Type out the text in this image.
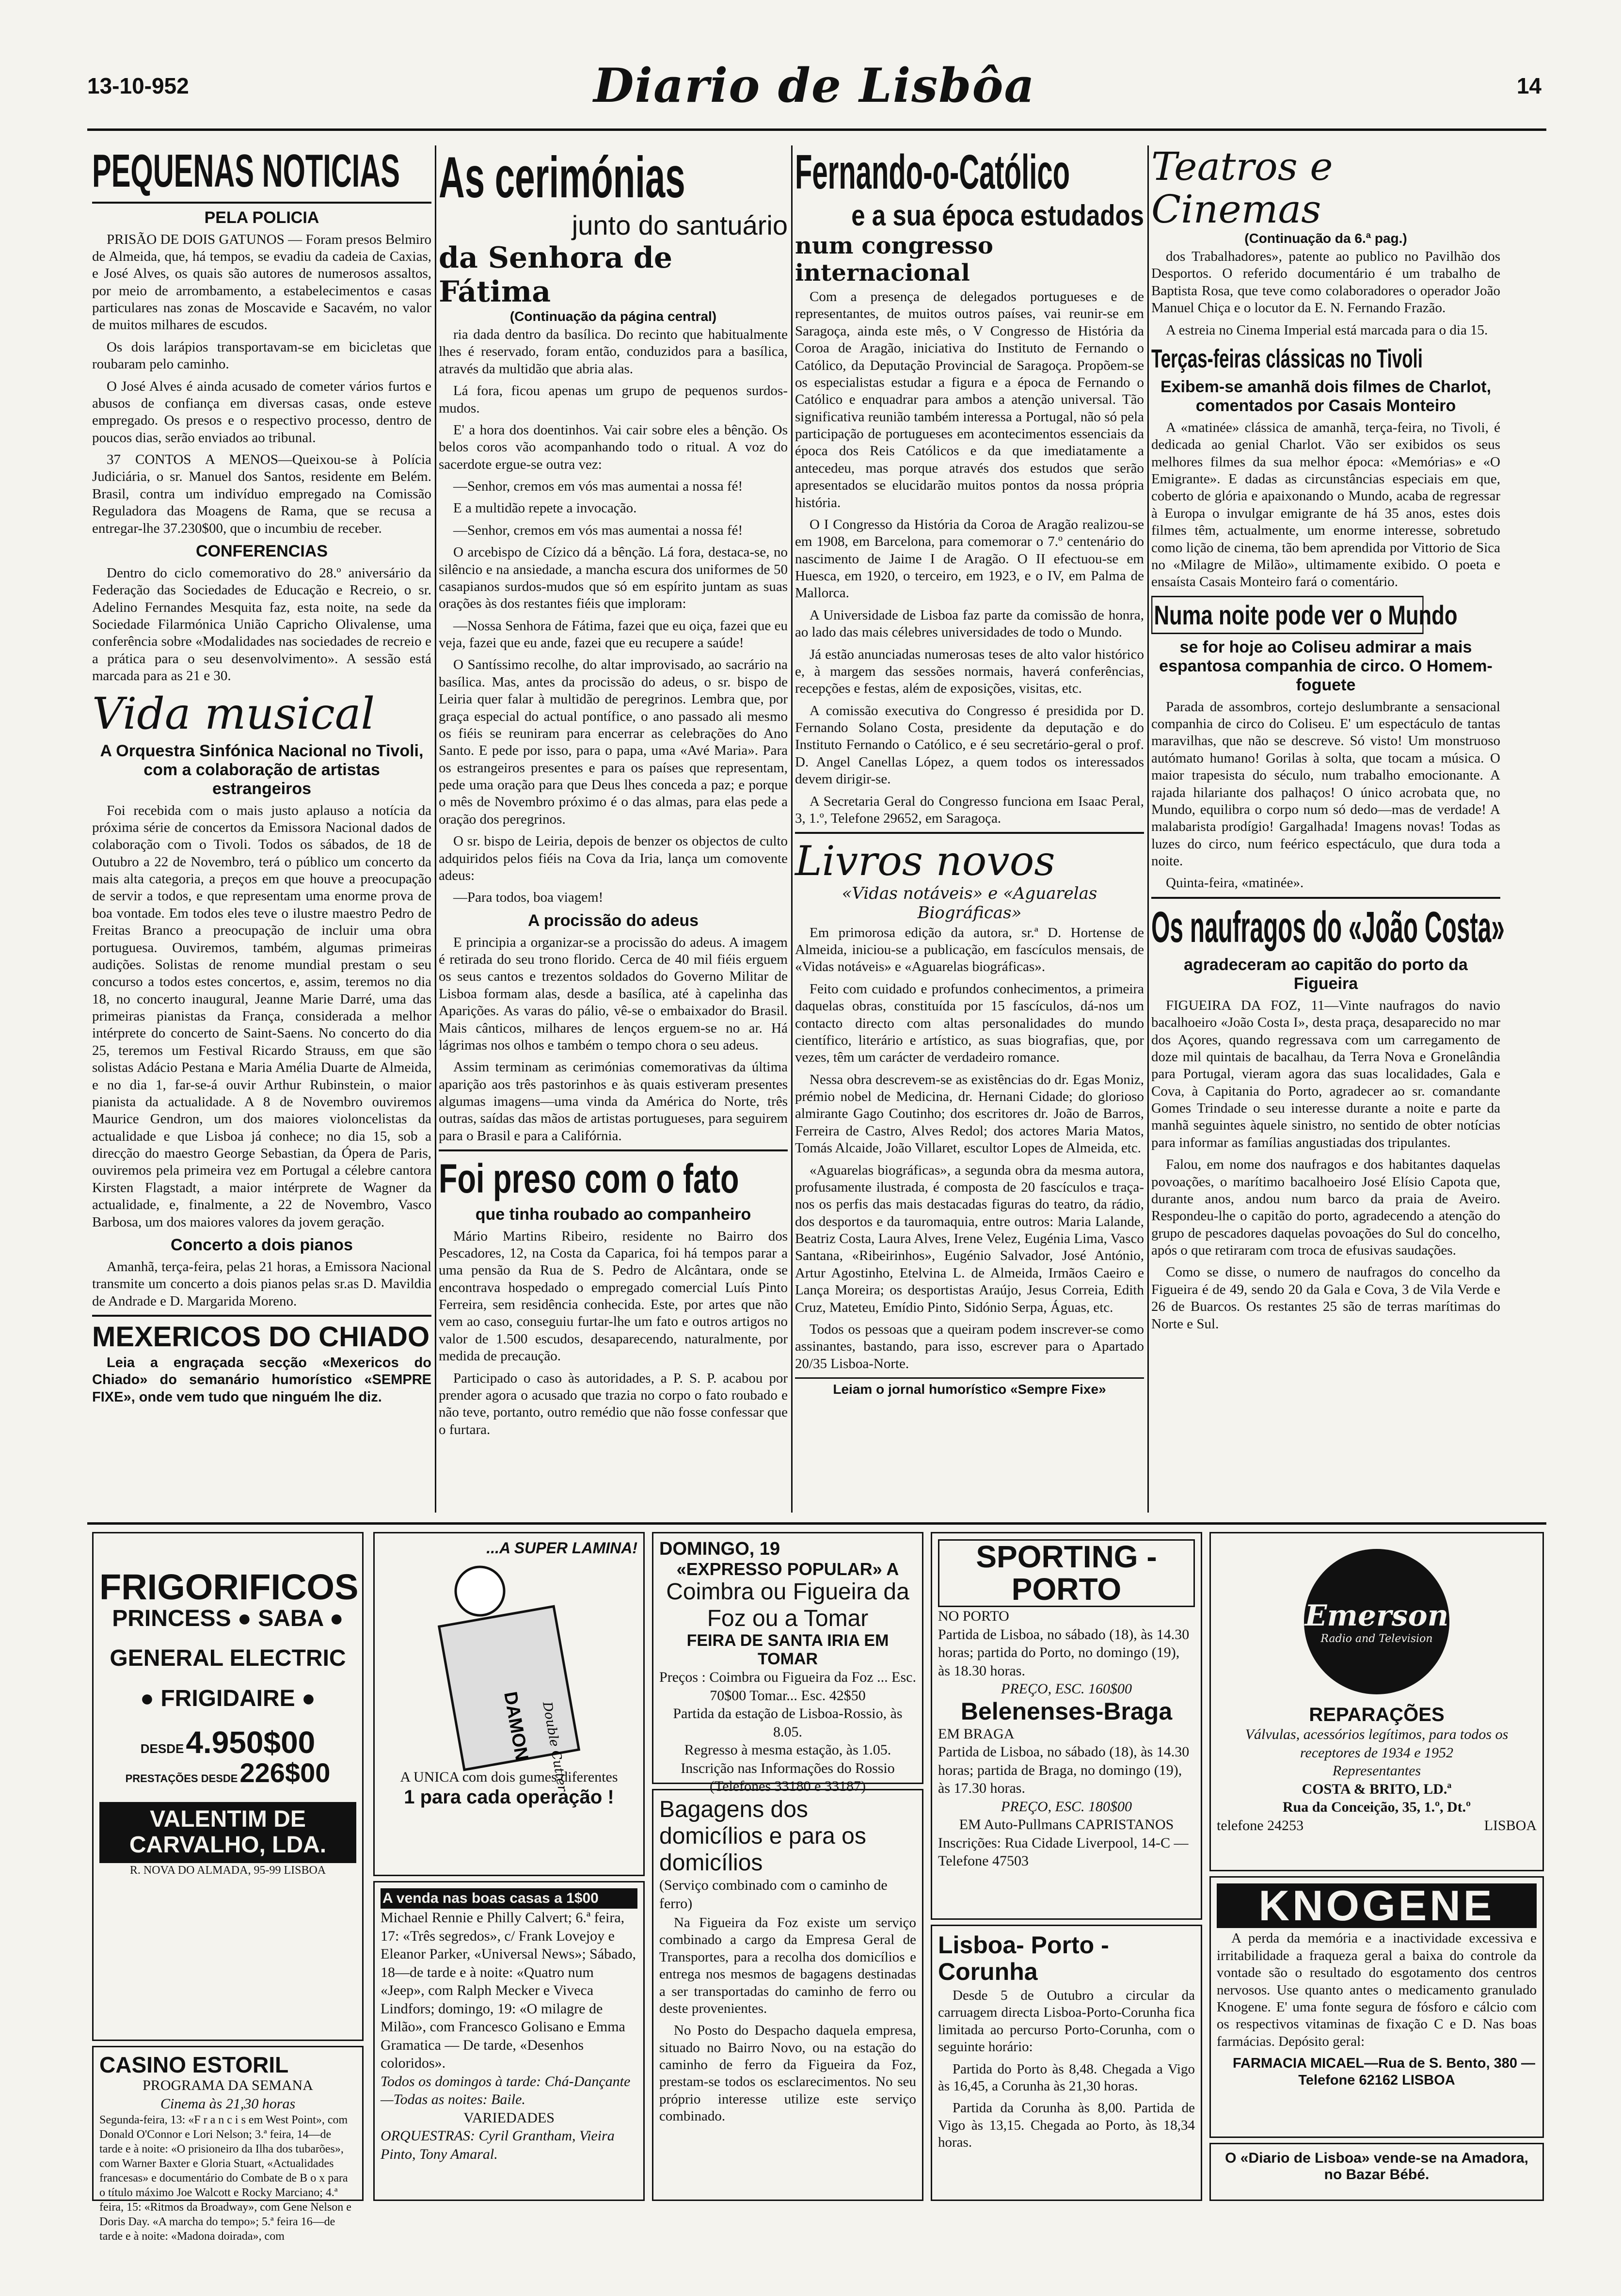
13-10-952	Diario de Lisbôa	14
PEQUENAS NOTICIAS
PELA POLICIA

PRISÃO DE DOIS GATUNOS — Foram presos Belmiro de Almeida, que, há tempos, se evadiu da cadeia de Caxias, e José Alves, os quais são autores de numerosos assaltos, por meio de arrombamento, a estabelecimentos e casas particulares nas zonas de Moscavide e Sacavém, no valor de muitos milhares de escudos.

Os dois larápios transportavam-se em bicicletas que roubaram pelo caminho.

O José Alves é ainda acusado de cometer vários furtos e abusos de confiança em diversas casas, onde esteve empregado. Os presos e o respectivo processo, dentro de poucos dias, serão enviados ao tribunal.

37 CONTOS A MENOS—Queixou-se à Polícia Judiciária, o sr. Manuel dos Santos, residente em Belém. Brasil, contra um indivíduo empregado na Comissão Reguladora das Moagens de Rama, que se recusa a entregar-lhe 37.230$00, que o incumbiu de receber.

CONFERENCIAS

Dentro do ciclo comemorativo do 28.º aniversário da Federação das Sociedades de Educação e Recreio, o sr. Adelino Fernandes Mesquita faz, esta noite, na sede da Sociedade Filarmónica União Capricho Olivalense, uma conferência sobre «Modalidades nas sociedades de recreio e a prática para o seu desenvolvimento». A sessão está marcada para as 21 e 30.

Vida musical
A Orquestra Sinfónica Nacional no Tivoli, com a colaboração de artistas estrangeiros

Foi recebida com o mais justo aplauso a notícia da próxima série de concertos da Emissora Nacional dados de colaboração com o Tivoli. Todos os sábados, de 18 de Outubro a 22 de Novembro, terá o público um concerto da mais alta categoria, a preços em que houve a preocupação de servir a todos, e que representam uma enorme prova de boa vontade. Em todos eles teve o ilustre maestro Pedro de Freitas Branco a preocupação de incluir uma obra portuguesa. Ouviremos, também, algumas primeiras audições. Solistas de renome mundial prestam o seu concurso a todos estes concertos, e, assim, teremos no dia 18, no concerto inaugural, Jeanne Marie Darré, uma das primeiras pianistas da França, considerada a melhor intérprete do concerto de Saint-Saens. No concerto do dia 25, teremos um Festival Ricardo Strauss, em que são solistas Adácio Pestana e Maria Amélia Duarte de Almeida, e no dia 1, far-se-á ouvir Arthur Rubinstein, o maior pianista da actualidade. A 8 de Novembro ouviremos Maurice Gendron, um dos maiores violoncelistas da actualidade e que Lisboa já conhece; no dia 15, sob a direcção do maestro George Sebastian, da Ópera de Paris, ouviremos pela primeira vez em Portugal a célebre cantora Kirsten Flagstadt, a maior intérprete de Wagner da actualidade, e, finalmente, a 22 de Novembro, Vasco Barbosa, um dos maiores valores da jovem geração.

Concerto a dois pianos

Amanhã, terça-feira, pelas 21 horas, a Emissora Nacional transmite um concerto a dois pianos pelas sr.as D. Mavildia de Andrade e D. Margarida Moreno.

MEXERICOS DO CHIADO

Leia a engraçada secção «Mexericos do Chiado» do semanário humorístico «SEMPRE FIXE», onde vem tudo que ninguém lhe diz.

As cerimónias
junto do santuário
da Senhora de Fátima
(Continuação da página central)

ria dada dentro da basílica. Do recinto que habitualmente lhes é reservado, foram então, conduzidos para a basílica, através da multidão que abria alas.

Lá fora, ficou apenas um grupo de pequenos surdos-mudos.

E' a hora dos doentinhos. Vai cair sobre eles a bênção. Os belos coros vão acompanhando todo o ritual. A voz do sacerdote ergue-se outra vez:

—Senhor, cremos em vós mas aumentai a nossa fé!

E a multidão repete a invocação.

—Senhor, cremos em vós mas aumentai a nossa fé!

O arcebispo de Cízico dá a bênção. Lá fora, destaca-se, no silêncio e na ansiedade, a mancha escura dos uniformes de 50 casapianos surdos-mudos que só em espírito juntam as suas orações às dos restantes fiéis que imploram:

—Nossa Senhora de Fátima, fazei que eu oiça, fazei que eu veja, fazei que eu ande, fazei que eu recupere a saúde!

O Santíssimo recolhe, do altar improvisado, ao sacrário na basílica. Mas, antes da procissão do adeus, o sr. bispo de Leiria quer falar à multidão de peregrinos. Lembra que, por graça especial do actual pontífice, o ano passado ali mesmo os fiéis se reuniram para encerrar as celebrações do Ano Santo. E pede por isso, para o papa, uma «Avé Maria». Para os estrangeiros presentes e para os países que representam, pede uma oração para que Deus lhes conceda a paz; e porque o mês de Novembro próximo é o das almas, para elas pede a oração dos peregrinos.

O sr. bispo de Leiria, depois de benzer os objectos de culto adquiridos pelos fiéis na Cova da Iria, lança um comovente adeus:

—Para todos, boa viagem!

A procissão do adeus

E principia a organizar-se a procissão do adeus. A imagem é retirada do seu trono florido. Cerca de 40 mil fiéis erguem os seus cantos e trezentos soldados do Governo Militar de Lisboa formam alas, desde a basílica, até à capelinha das Aparições. As varas do pálio, vê-se o embaixador do Brasil. Mais cânticos, milhares de lenços erguem-se no ar. Há lágrimas nos olhos e também o tempo chora o seu adeus.

Assim terminam as cerimónias comemorativas da última aparição aos três pastorinhos e às quais estiveram presentes algumas imagens—uma vinda da América do Norte, três outras, saídas das mãos de artistas portugueses, para seguirem para o Brasil e para a Califórnia.

Foi preso com o fato
que tinha roubado ao companheiro

Mário Martins Ribeiro, residente no Bairro dos Pescadores, 12, na Costa da Caparica, foi há tempos parar a uma pensão da Rua de S. Pedro de Alcântara, onde se encontrava hospedado o empregado comercial Luís Pinto Ferreira, sem residência conhecida. Este, por artes que não vem ao caso, conseguiu furtar-lhe um fato e outros artigos no valor de 1.500 escudos, desaparecendo, naturalmente, por medida de precaução.

Participado o caso às autoridades, a P. S. P. acabou por prender agora o acusado que trazia no corpo o fato roubado e não teve, portanto, outro remédio que não fosse confessar que o furtara.

Fernando-o-Católico
e a sua época estudados
num congresso internacional

Com a presença de delegados portugueses e de representantes, de muitos outros países, vai reunir-se em Saragoça, ainda este mês, o V Congresso de História da Coroa de Aragão, iniciativa do Instituto de Fernando o Católico, da Deputação Provincial de Saragoça. Propõem-se os especialistas estudar a figura e a época de Fernando o Católico e enquadrar para ambos a atenção universal. Tão significativa reunião também interessa a Portugal, não só pela participação de portugueses em acontecimentos essenciais da época dos Reis Católicos e da que imediatamente a antecedeu, mas porque através dos estudos que serão apresentados se elucidarão muitos pontos da nossa própria história.

O I Congresso da História da Coroa de Aragão realizou-se em 1908, em Barcelona, para comemorar o 7.º centenário do nascimento de Jaime I de Aragão. O II efectuou-se em Huesca, em 1920, o terceiro, em 1923, e o IV, em Palma de Mallorca.

A Universidade de Lisboa faz parte da comissão de honra, ao lado das mais célebres universidades de todo o Mundo.

Já estão anunciadas numerosas teses de alto valor histórico e, à margem das sessões normais, haverá conferências, recepções e festas, além de exposições, visitas, etc.

A comissão executiva do Congresso é presidida por D. Fernando Solano Costa, presidente da deputação e do Instituto Fernando o Católico, e é seu secretário-geral o prof. D. Angel Canellas López, a quem todos os interessados devem dirigir-se.

A Secretaria Geral do Congresso funciona em Isaac Peral, 3, 1.º, Telefone 29652, em Saragoça.

Livros novos
«Vidas notáveis» e «Aguarelas Biográficas»

Em primorosa edição da autora, sr.ª D. Hortense de Almeida, iniciou-se a publicação, em fascículos mensais, de «Vidas notáveis» e «Aguarelas biográficas».

Feito com cuidado e profundos conhecimentos, a primeira daquelas obras, constituída por 15 fascículos, dá-nos um contacto directo com altas personalidades do mundo científico, literário e artístico, as suas biografias, que, por vezes, têm um carácter de verdadeiro romance.

Nessa obra descrevem-se as existências do dr. Egas Moniz, prémio nobel de Medicina, dr. Hernani Cidade; do glorioso almirante Gago Coutinho; dos escritores dr. João de Barros, Ferreira de Castro, Alves Redol; dos actores Maria Matos, Tomás Alcaide, João Villaret, escultor Lopes de Almeida, etc.

«Aguarelas biográficas», a segunda obra da mesma autora, profusamente ilustrada, é composta de 20 fascículos e traça-nos os perfis das mais destacadas figuras do teatro, da rádio, dos desportos e da tauromaquia, entre outros: Maria Lalande, Beatriz Costa, Laura Alves, Irene Velez, Eugénia Lima, Vasco Santana, «Ribeirinhos», Eugénio Salvador, José António, Artur Agostinho, Etelvina L. de Almeida, Irmãos Caeiro e Lança Moreira; os desportistas Araújo, Jesus Correia, Edith Cruz, Mateteu, Emídio Pinto, Sidónio Serpa, Águas, etc.

Todos os pessoas que a queiram podem inscrever-se como assinantes, bastando, para isso, escrever para o Apartado 20/35 Lisboa-Norte.

Leiam o jornal humorístico «Sempre Fixe»
Teatros e Cinemas
(Continuação da 6.ª pag.)

dos Trabalhadores», patente ao publico no Pavilhão dos Desportos. O referido documentário é um trabalho de Baptista Rosa, que teve como colaboradores o operador João Manuel Chiça e o locutor da E. N. Fernando Frazão.

A estreia no Cinema Imperial está marcada para o dia 15.

Terças-feiras clássicas no Tivoli
Exibem-se amanhã dois filmes de Charlot, comentados por Casais Monteiro

A «matinée» clássica de amanhã, terça-feira, no Tivoli, é dedicada ao genial Charlot. Vão ser exibidos os seus melhores filmes da sua melhor época: «Memórias» e «O Emigrante». E dadas as circunstâncias especiais em que, coberto de glória e apaixonando o Mundo, acaba de regressar à Europa o invulgar emigrante de há 35 anos, estes dois filmes têm, actualmente, um enorme interesse, sobretudo como lição de cinema, tão bem aprendida por Vittorio de Sica no «Milagre de Milão», ultimamente exibido. O poeta e ensaísta Casais Monteiro fará o comentário.

Numa noite pode ver o Mundo
se for hoje ao Coliseu admirar a mais espantosa companhia de circo. O Homem-foguete

Parada de assombros, cortejo deslumbrante a sensacional companhia de circo do Coliseu. E' um espectáculo de tantas maravilhas, que não se descreve. Só visto! Um monstruoso autómato humano! Gorilas à solta, que tocam a música. O maior trapesista do século, num trabalho emocionante. A rajada hilariante dos palhaços! O único acrobata que, no Mundo, equilibra o corpo num só dedo—mas de verdade! A malabarista prodígio! Gargalhada! Imagens novas! Todas as luzes do circo, num feérico espectáculo, que dura toda a noite.

Quinta-feira, «matinée».

Os naufragos do «João Costa»
agradeceram ao capitão do porto da Figueira

FIGUEIRA DA FOZ, 11—Vinte naufragos do navio bacalhoeiro «João Costa I», desta praça, desaparecido no mar dos Açores, quando regressava com um carregamento de doze mil quintais de bacalhau, da Terra Nova e Gronelândia para Portugal, vieram agora das suas localidades, Gala e Cova, à Capitania do Porto, agradecer ao sr. comandante Gomes Trindade o seu interesse durante a noite e parte da manhã seguintes àquele sinistro, no sentido de obter notícias para informar as famílias angustiadas dos tripulantes.

Falou, em nome dos naufragos e dos habitantes daquelas povoações, o marítimo bacalhoeiro José Elísio Capota que, durante anos, andou num barco da praia de Aveiro. Respondeu-lhe o capitão do porto, agradecendo a atenção do grupo de pescadores daquelas povoações do Sul do concelho, após o que retiraram com troca de efusivas saudações.

Como se disse, o numero de naufragos do concelho da Figueira é de 49, sendo 20 da Gala e Cova, 3 de Vila Verde e 26 de Buarcos. Os restantes 25 são de terras marítimas do Norte e Sul.

FRIGORIFICOS
PRINCESS ● SABA ●
GENERAL ELECTRIC
● FRIGIDAIRE ●
DESDE 4.950$00
PRESTAÇÕES DESDE 226$00
VALENTIM DE CARVALHO, LDA.
R. NOVA DO ALMADA, 95-99 LISBOA
...A SUPER LAMINA!
DAMON Double Cutter
A UNICA com dois gumes diferentes
1 para cada operação !
DOMINGO, 19
«EXPRESSO POPULAR» A
Coimbra ou Figueira da Foz ou a Tomar
FEIRA DE SANTA IRIA EM TOMAR
Preços : Coimbra ou Figueira da Foz ... Esc. 70$00 Tomar... Esc. 42$50
Partida da estação de Lisboa-Rossio, às 8.05.
Regresso à mesma estação, às 1.05. Inscrição nas Informações do Rossio (Telefones 33180 e 33187)
Bagagens dos domicílios e para os domicílios
(Serviço combinado com o caminho de ferro)

Na Figueira da Foz existe um serviço combinado a cargo da Empresa Geral de Transportes, para a recolha dos domicílios e entrega nos mesmos de bagagens destinadas a ser transportadas do caminho de ferro ou deste provenientes.

No Posto do Despacho daquela empresa, situado no Bairro Novo, ou na estação do caminho de ferro da Figueira da Foz, prestam-se todos os esclarecimentos. No seu próprio interesse utilize este serviço combinado.

SPORTING - PORTO
NO PORTO
Partida de Lisboa, no sábado (18), às 14.30 horas; partida do Porto, no domingo (19), às 18.30 horas.
PREÇO, ESC. 160$00
Belenenses-Braga
EM BRAGA
Partida de Lisboa, no sábado (18), às 14.30 horas; partida de Braga, no domingo (19), às 17.30 horas.
PREÇO, ESC. 180$00
EM Auto-Pullmans CAPRISTANOS
Inscrições: Rua Cidade Liverpool, 14-C — Telefone 47503
Lisboa- Porto -Corunha

Desde 5 de Outubro a circular da carruagem directa Lisboa-Porto-Corunha fica limitada ao percurso Porto-Corunha, com o seguinte horário:

Partida do Porto às 8,48. Chegada a Vigo às 16,45, a Corunha às 21,30 horas.

Partida da Corunha às 8,00. Partida de Vigo às 13,15. Chegada ao Porto, às 18,34 horas.

Emerson
Radio and Television
REPARAÇÕES
Válvulas, acessórios legítimos, para todos os receptores de 1934 e 1952
Representantes
COSTA & BRITO, LD.ª
Rua da Conceição, 35, 1.º, Dt.º
telefone 24253	LISBOA
KNOGENE

A perda da memória e a inactividade excessiva e irritabilidade a fraqueza geral a baixa do controle da vontade são o resultado do esgotamento dos centros nervosos. Use quanto antes o medicamento granulado Knogene. E' uma fonte segura de fósforo e cálcio com os respectivos vitaminas de fixação C e D. Nas boas farmácias. Depósito geral:

FARMACIA MICAEL—Rua de S. Bento, 380 — Telefone 62162 LISBOA

O «Diario de Lisboa» vende-se na Amadora, no Bazar Bébé.
CASINO ESTORIL
PROGRAMA DA SEMANA
Cinema às 21,30 horas
Segunda-feira, 13: «F r a n c i s em West Point», com Donald O'Connor e Lori Nelson; 3.ª feira, 14—de tarde e à noite: «O prisioneiro da Ilha dos tubarões», com Warner Baxter e Gloria Stuart, «Actualidades francesas» e documentário do Combate de B o x para o título máximo Joe Walcott e Rocky Marciano; 4.ª feira, 15: «Ritmos da Broadway», com Gene Nelson e Doris Day. «A marcha do tempo»; 5.ª feira 16—de tarde e à noite: «Madona doirada», com
A venda nas boas casas a 1$00
Michael Rennie e Philly Calvert; 6.ª feira, 17: «Três segredos», c/ Frank Lovejoy e Eleanor Parker, «Universal News»; Sábado, 18—de tarde e à noite: «Quatro num «Jeep», com Ralph Mecker e Viveca Lindfors; domingo, 19: «O milagre de Milão», com Francesco Golisano e Emma Gramatica — De tarde, «Desenhos coloridos».
Todos os domingos à tarde: Chá-Dançante—Todas as noites: Baile.
VARIEDADES
ORQUESTRAS: Cyril Grantham, Vieira Pinto, Tony Amaral.
